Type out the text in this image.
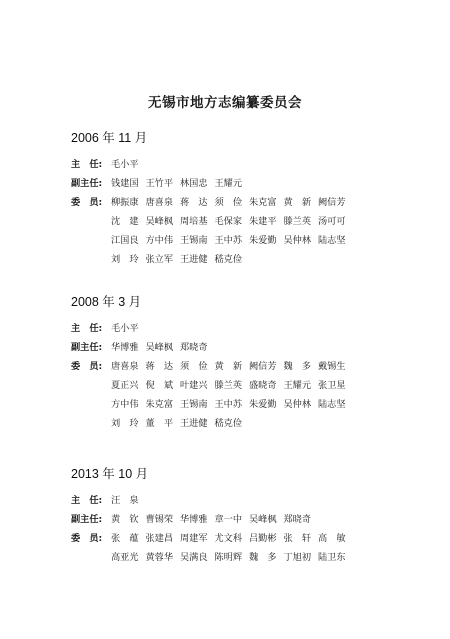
无锡市地方志编纂委员会
2006 年 11 月
主　任: 毛小平
副主任: 钱建国 王竹平 林国忠 王耀元
委　员: 柳振康 唐喜泉 蒋　达 须　俭 朱克富 黄　新 阙信芳
沈　建 吴峰枫 周培基 毛保家 朱建平 滕兰英 汤可可
江国良 方中伟 王锡南 王中苏 朱爱勤 吴仲林 陆志坚
刘　玲 张立军 王进健 嵇克俭
2008 年 3 月
主　任: 毛小平
副主任: 华博雅 吴峰枫 郑晓奇
委　员: 唐喜泉 蒋　达 须　俭 黄　新 阙信芳 魏　多 戴锡生
夏正兴 倪　斌 叶建兴 滕兰英 盛晓奇 王耀元 张卫星
方中伟 朱克富 王锡南 王中苏 朱爱勤 吴仲林 陆志坚
刘　玲 董　平 王进健 嵇克俭
2013 年 10 月
主　任: 汪　泉
副主任: 黄　钦 曹锡荣 华博雅 章一中 吴峰枫 郑晓奇
委　员: 张　蕴 张建昌 周建军 尤文科 吕勤彬 张　轩 高　敏
高亚光 黄蓉华 吴满良 陈明辉 魏　多 丁旭初 陆卫东
